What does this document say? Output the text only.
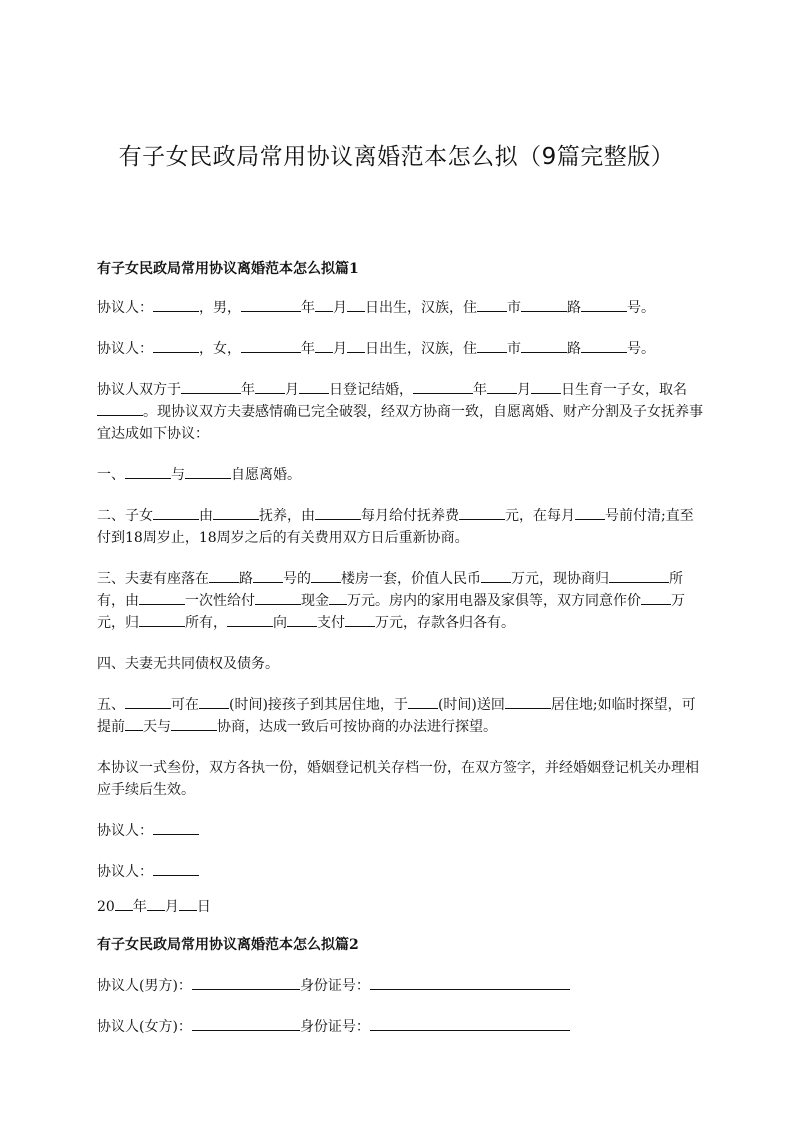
有子女民政局常用协议离婚范本怎么拟（9篇完整版）

有子女民政局常用协议离婚范本怎么拟篇1

协议人：	，男，	年 月 日出生，汉族，住 市	路	号。

协议人：	，女，	年 月 日出生，汉族，住 市	路	号。

协议人双方于	年 月 日登记结婚，	年 月 日生育一子女，取名。现协议双方夫妻感情确已完全破裂，经双方协商一致，自愿离婚、财产分割及子女抚养事宜达成如下协议：

一、	与	自愿离婚。

二、子女	由	抚养，由	每月给付抚养费	元，在每月 号前付清;直至付到18周岁止，18周岁之后的有关费用双方日后重新协商。

三、夫妻有座落在 路 号的 楼房一套，价值人民币 万元，现协商归	所有，由	一次性给付	现金 万元。房内的家用电器及家俱等，双方同意作价 万元，归	所有，	向 支付 万元，存款各归各有。

四、夫妻无共同债权及债务。

五、	可在 (时间)接孩子到其居住地，于 (时间)送回	居住地;如临时探望，可提前 天与	协商，达成一致后可按协商的办法进行探望。

本协议一式叁份，双方各执一份，婚姻登记机关存档一份，在双方签字，并经婚姻登记机关办理相应手续后生效。

协议人：

协议人：

20 年 月 日

有子女民政局常用协议离婚范本怎么拟篇2

协议人(男方)：	身份证号：

协议人(女方)：	身份证号：
